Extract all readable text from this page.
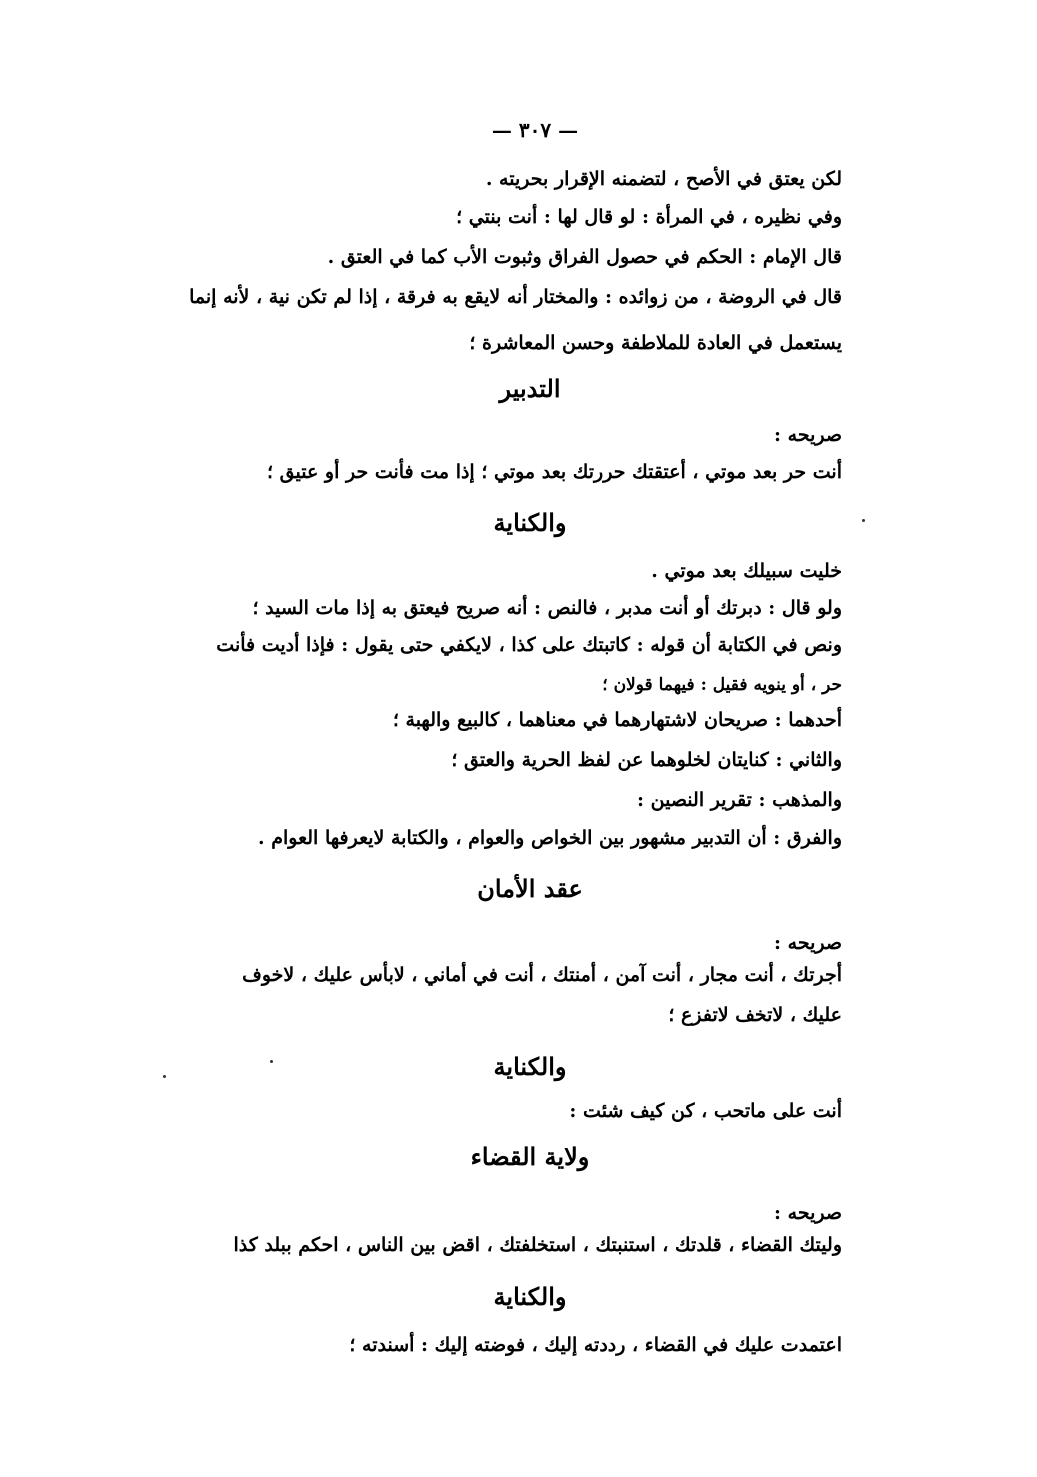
— ٣٠٧ —

لكن يعتق في الأصح ، لتضمنه الإقرار بحريته .

وفي نظيره ، في المرأة : لو قال لها : أنت بنتي ؛

قال الإمام : الحكم في حصول الفراق وثبوت الأب كما في العتق .

قال في الروضة ، من زوائده : والمختار أنه لايقع به فرقة ، إذا لم تكن نية ، لأنه إنما

يستعمل في العادة للملاطفة وحسن المعاشرة ؛

التدبير

صريحه :

أنت حر بعد موتي ، أعتقتك حررتك بعد موتي ؛ إذا مت فأنت حر أو عتيق ؛

والكناية

خليت سبيلك بعد موتي .

ولو قال : دبرتك أو أنت مدبر ، فالنص : أنه صريح فيعتق به إذا مات السيد ؛

ونص في الكتابة أن قوله : كاتبتك على كذا ، لايكفي حتى يقول : فإذا أديت فأنت

حر ، أو ينويه فقيل : فيهما قولان ؛

أحدهما : صريحان لاشتهارهما في معناهما ، كالبيع والهبة ؛

والثاني : كنايتان لخلوهما عن لفظ الحرية والعتق ؛

والمذهب : تقرير النصين :

والفرق : أن التدبير مشهور بين الخواص والعوام ، والكتابة لايعرفها العوام .

عقد الأمان

صريحه :

أجرتك ، أنت مجار ، أنت آمن ، أمنتك ، أنت في أماني ، لابأس عليك ، لاخوف

عليك ، لاتخف لاتفزع ؛

والكناية

أنت على ماتحب ، كن كيف شئت :

ولاية القضاء

صريحه :

وليتك القضاء ، قلدتك ، استنبتك ، استخلفتك ، اقض بين الناس ، احكم ببلد كذا

والكناية

اعتمدت عليك في القضاء ، رددته إليك ، فوضته إليك : أسندته ؛
